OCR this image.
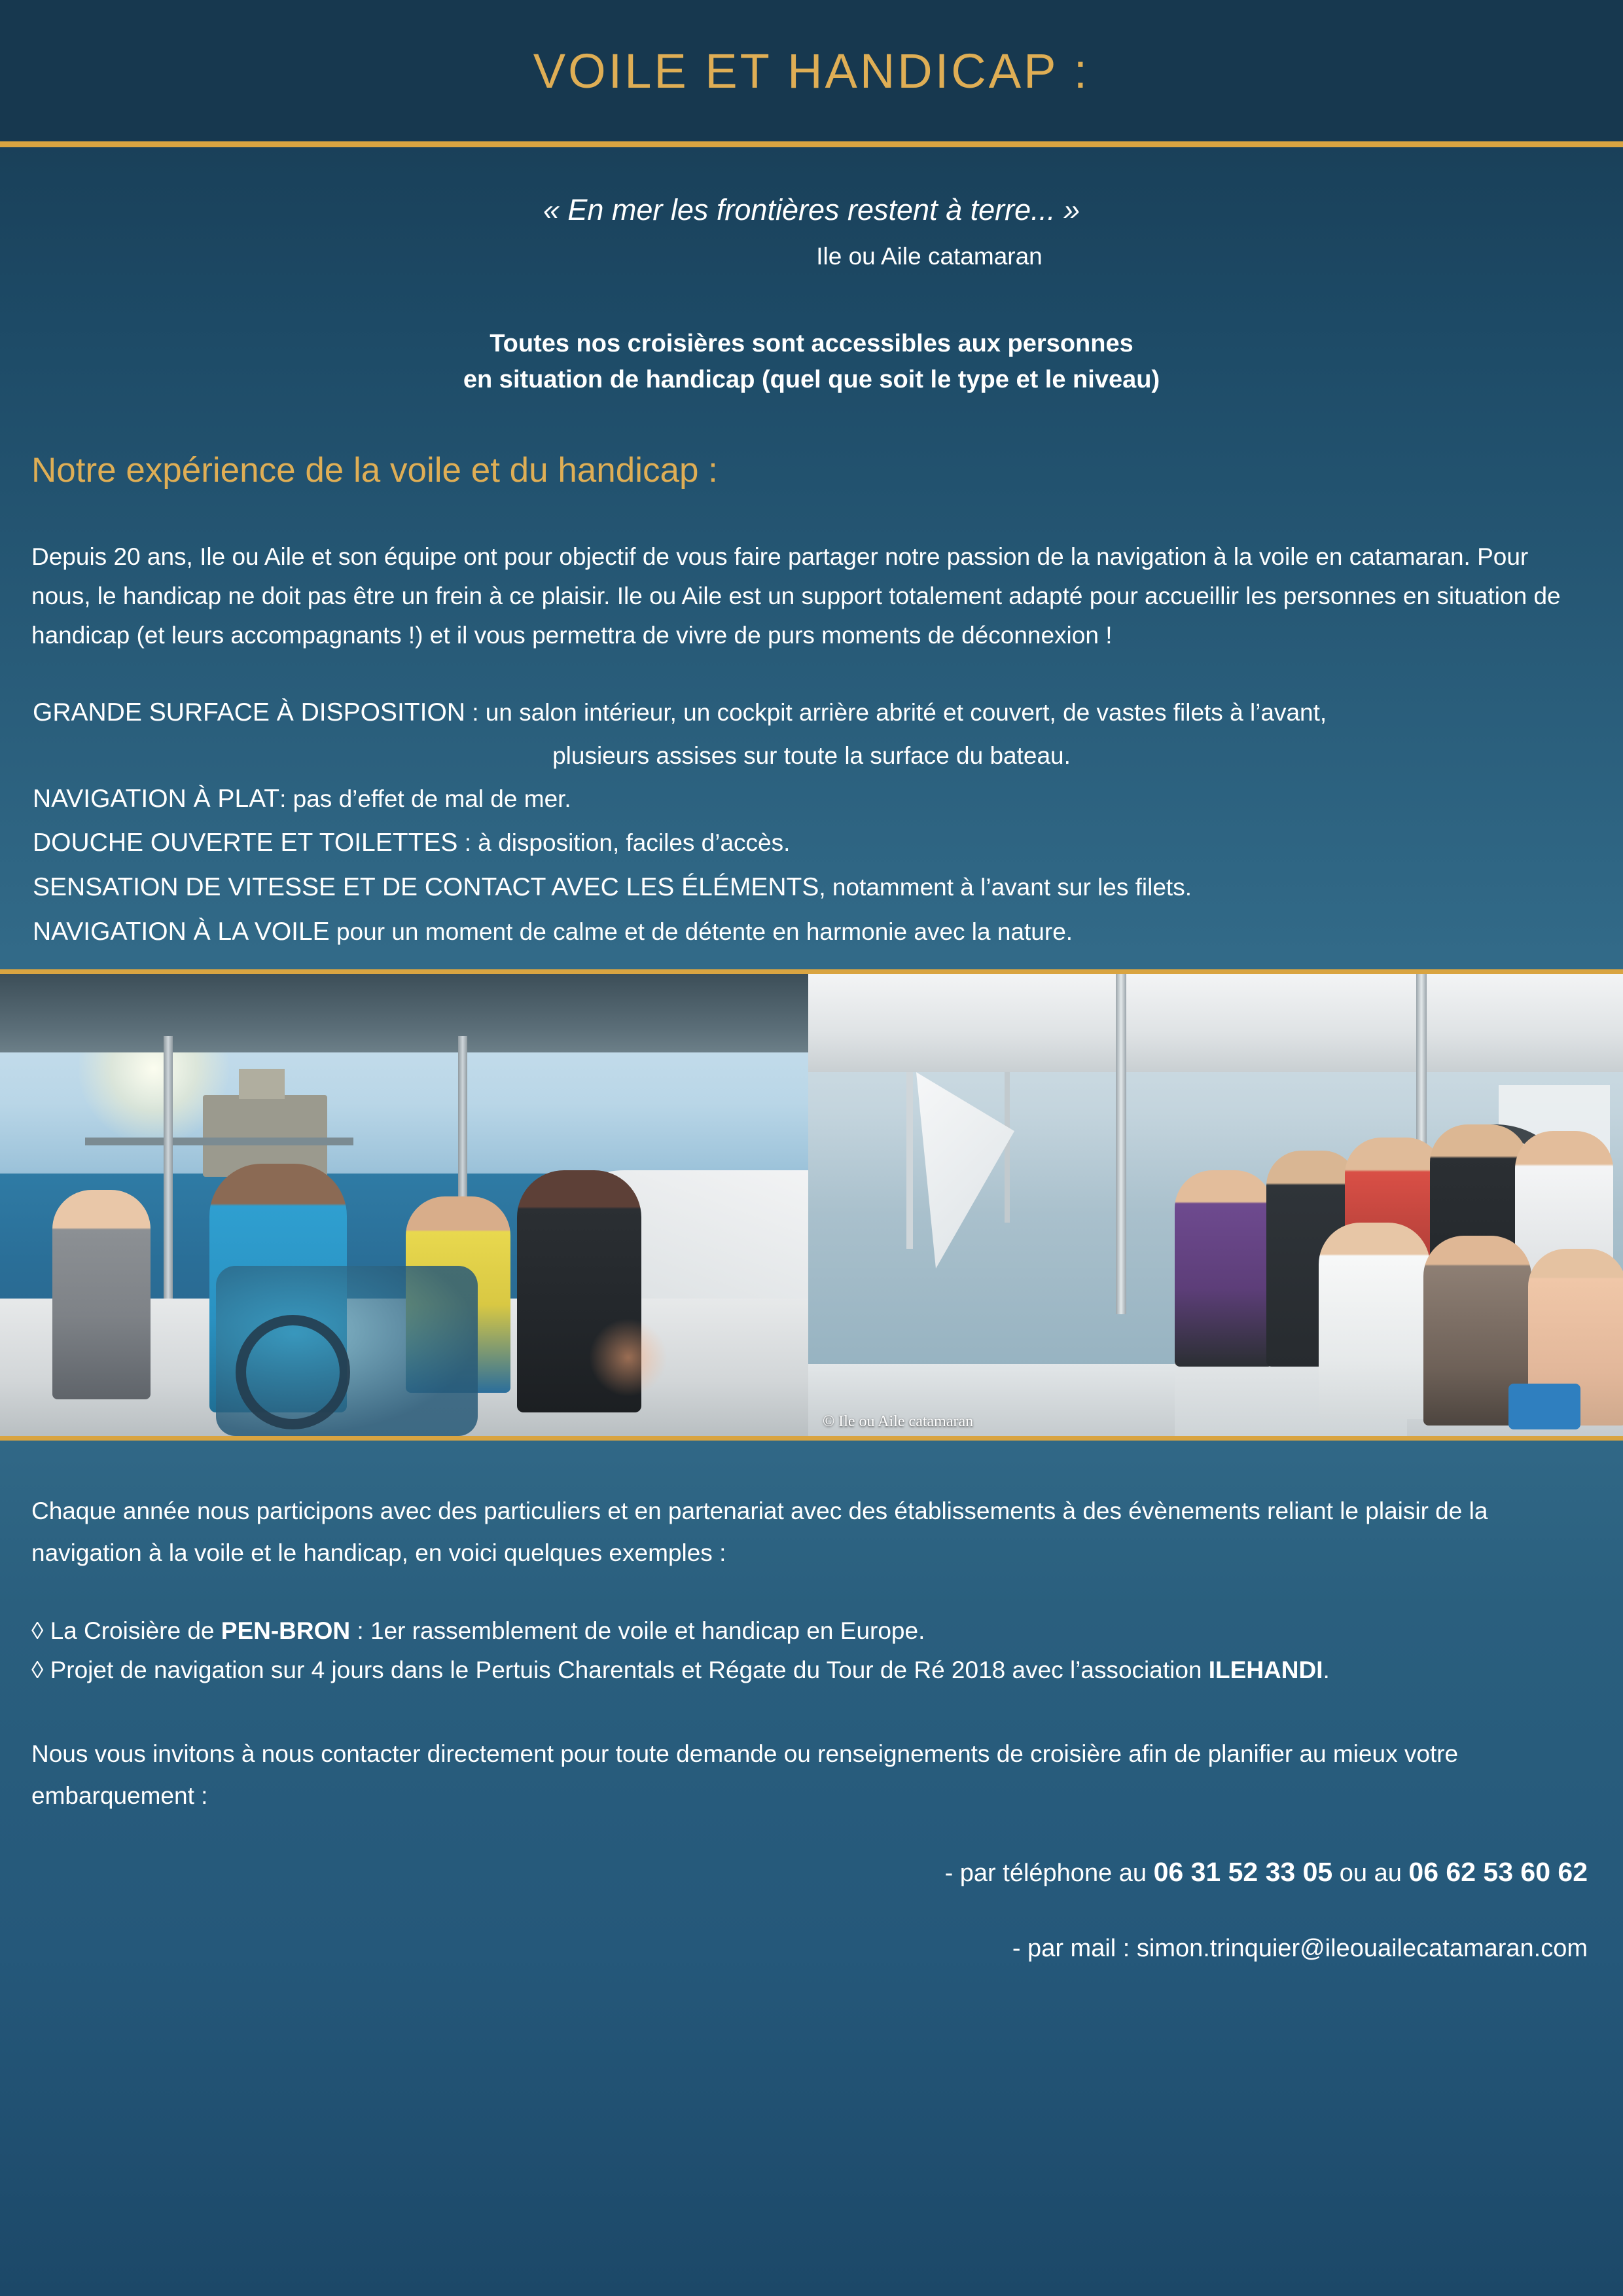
VOILE ET HANDICAP :
« En mer les frontières restent à terre... »
Ile ou Aile catamaran
Toutes nos croisières sont accessibles aux personnes
en situation de handicap (quel que soit le type et le niveau)
Notre expérience de la voile et du handicap :
Depuis 20 ans, Ile ou Aile et son équipe ont pour objectif de vous faire partager notre passion de la navigation à la voile en catamaran. Pour nous, le handicap ne doit pas être un frein à ce plaisir. Ile ou Aile est un support totalement adapté pour accueillir les personnes en situation de handicap (et leurs accompagnants !) et il vous permettra de vivre de purs moments de déconnexion !
GRANDE SURFACE À DISPOSITION : un salon intérieur, un cockpit arrière abrité et couvert, de vastes filets à l’avant,
plusieurs assises sur toute la surface du bateau.
NAVIGATION À PLAT: pas d’effet de mal de mer.
DOUCHE OUVERTE ET TOILETTES : à disposition, faciles d’accès.
SENSATION DE VITESSE ET DE CONTACT AVEC LES ÉLÉMENTS, notamment à l’avant sur les filets.
NAVIGATION À LA VOILE pour un moment de calme et de détente en harmonie avec la nature.
© Ile ou Aile catamaran
Chaque année nous participons avec des particuliers et en partenariat avec des établissements à des évènements reliant le plaisir de la navigation à la voile et le handicap, en voici quelques exemples :
◊ La Croisière de PEN-BRON : 1er rassemblement de voile et handicap en Europe.
◊ Projet de navigation sur 4 jours dans le Pertuis Charentals et Régate du Tour de Ré 2018 avec l’association ILEHANDI.
Nous vous invitons à nous contacter directement pour toute demande ou renseignements de croisière afin de planifier au mieux votre embarquement :
- par téléphone au 06 31 52 33 05 ou au 06 62 53 60 62
- par mail : simon.trinquier@ileouailecatamaran.com
